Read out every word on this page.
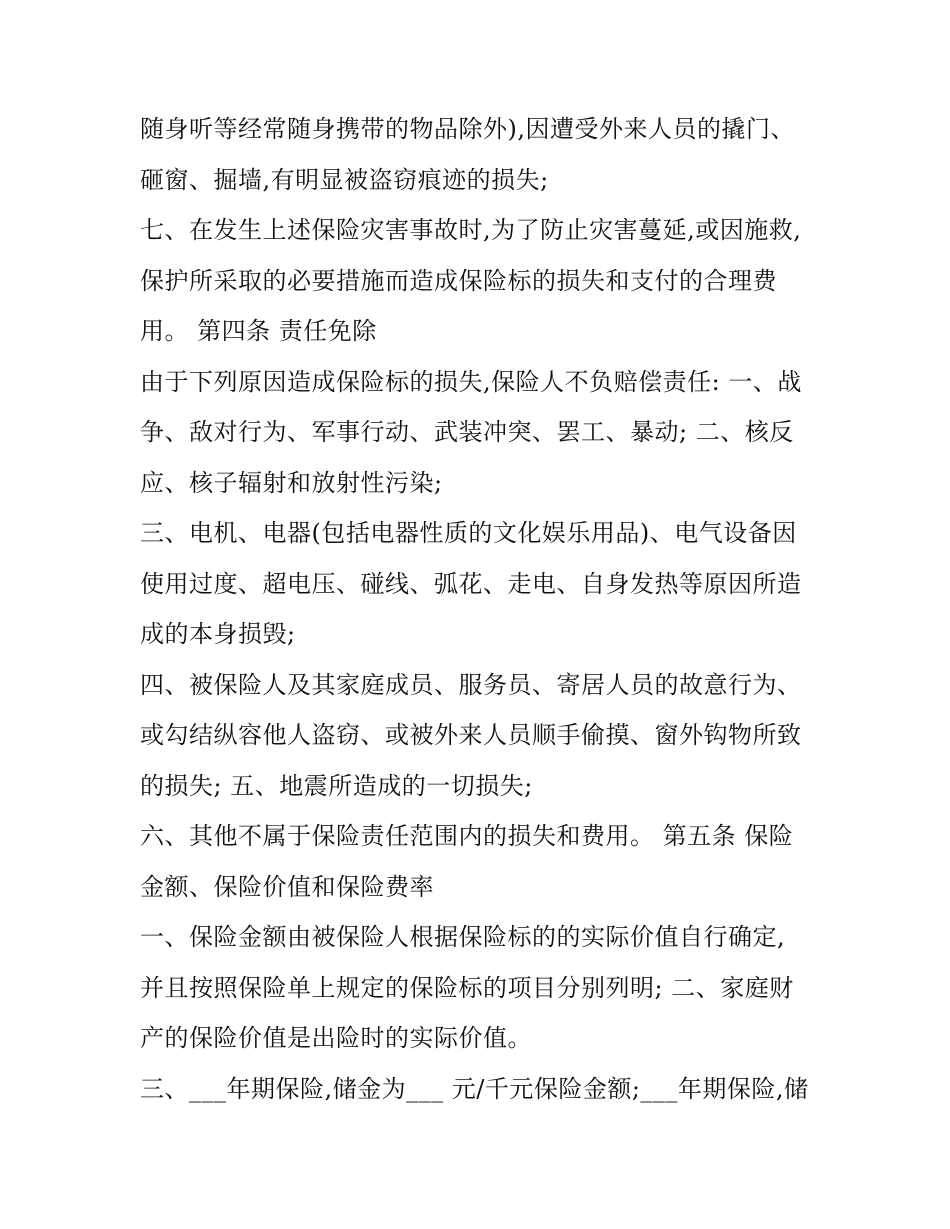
随身听等经常随身携带的物品除外),因遭受外来人员的撬门、
砸窗、掘墙,有明显被盗窃痕迹的损失;
七、在发生上述保险灾害事故时,为了防止灾害蔓延,或因施救,
保护所采取的必要措施而造成保险标的损失和支付的合理费
用。 第四条 责任免除
由于下列原因造成保险标的损失,保险人不负赔偿责任: 一、战
争、敌对行为、军事行动、武装冲突、罢工、暴动; 二、核反
应、核子辐射和放射性污染;
三、电机、电器(包括电器性质的文化娱乐用品)、电气设备因
使用过度、超电压、碰线、弧花、走电、自身发热等原因所造
成的本身损毁;
四、被保险人及其家庭成员、服务员、寄居人员的故意行为、
或勾结纵容他人盗窃、或被外来人员顺手偷摸、窗外钩物所致
的损失; 五、地震所造成的一切损失;
六、其他不属于保险责任范围内的损失和费用。 第五条 保险
金额、保险价值和保险费率
一、保险金额由被保险人根据保险标的的实际价值自行确定,
并且按照保险单上规定的保险标的项目分别列明; 二、家庭财
产的保险价值是出险时的实际价值。
三、___年期保险,储金为___ 元/千元保险金额;___年期保险,储
